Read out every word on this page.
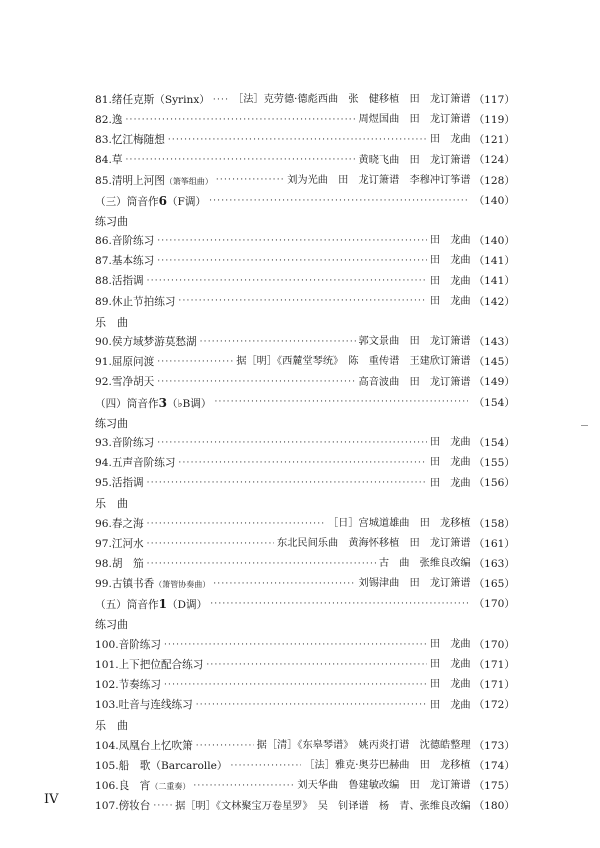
81.绪任克斯（Syrinx） ····· ［法］克劳德·德彪西曲　张　健移植　田　龙订箫谱 （117）
82.逸 ·····	周煜国曲　田　龙订箫谱 （119）
83.忆江梅随想 ·····	田　龙曲 （121）
84.草 ·····	黄晓飞曲　田　龙订箫谱 （124）
85.清明上河图（箫筝组曲） ·····	刘为光曲　田　龙订箫谱　李穆冲订筝谱 （128）
（三）筒音作6（F调） ·····	（140）
练习曲
86.音阶练习 ·····	田　龙曲 （140）
87.基本练习 ·····	田　龙曲 （141）
88.活指调 ·····	田　龙曲 （141）
89.休止节拍练习 ·····	田　龙曲 （142）
乐　曲
90.侯方域梦游莫愁湖 ·····	郭文景曲　田　龙订箫谱 （143）
91.屈原问渡 ·····	据［明］《西麓堂琴统》　陈　重传谱　王建欣订箫谱 （145）
92.雪净胡天 ·····	高音波曲　田　龙订箫谱 （149）
（四）筒音作3（♭B调） ·····	（154）
练习曲
93.音阶练习 ·····	田　龙曲 （154）
94.五声音阶练习 ·····	田　龙曲 （155）
95.活指调 ·····	田　龙曲 （156）
乐　曲
96.春之海 ·····	［日］宫城道雄曲　田　龙移植 （158）
97.江河水 ·····	东北民间乐曲　黄海怀移植　田　龙订箫谱 （161）
98.胡　笳 ·····	古　曲　张维良改编 （163）
99.古镇书香（箫管协奏曲） ·····	刘锡津曲　田　龙订箫谱 （165）
（五）筒音作1（D调） ·····	（170）
练习曲
100.音阶练习 ·····	田　龙曲 （170）
101.上下把位配合练习 ·····	田　龙曲 （171）
102.节奏练习 ·····	田　龙曲 （171）
103.吐音与连线练习 ·····	田　龙曲 （172）
乐　曲
104.凤凰台上忆吹箫 ·····	据［清］《东皋琴谱》　姚丙炎打谱　沈德皓整理 （173）
105.船　歌（Barcarolle） ·····	［法］雅克·奥芬巴赫曲　田　龙移植 （174）
106.良　宵（二重奏） ·····	刘天华曲　鲁建敏改编　田　龙订箫谱 （175）
107.傍妆台 ····· 据［明］《文林聚宝万卷星罗》　吴　钊译谱　杨　青、张维良改编 （180）
IV
